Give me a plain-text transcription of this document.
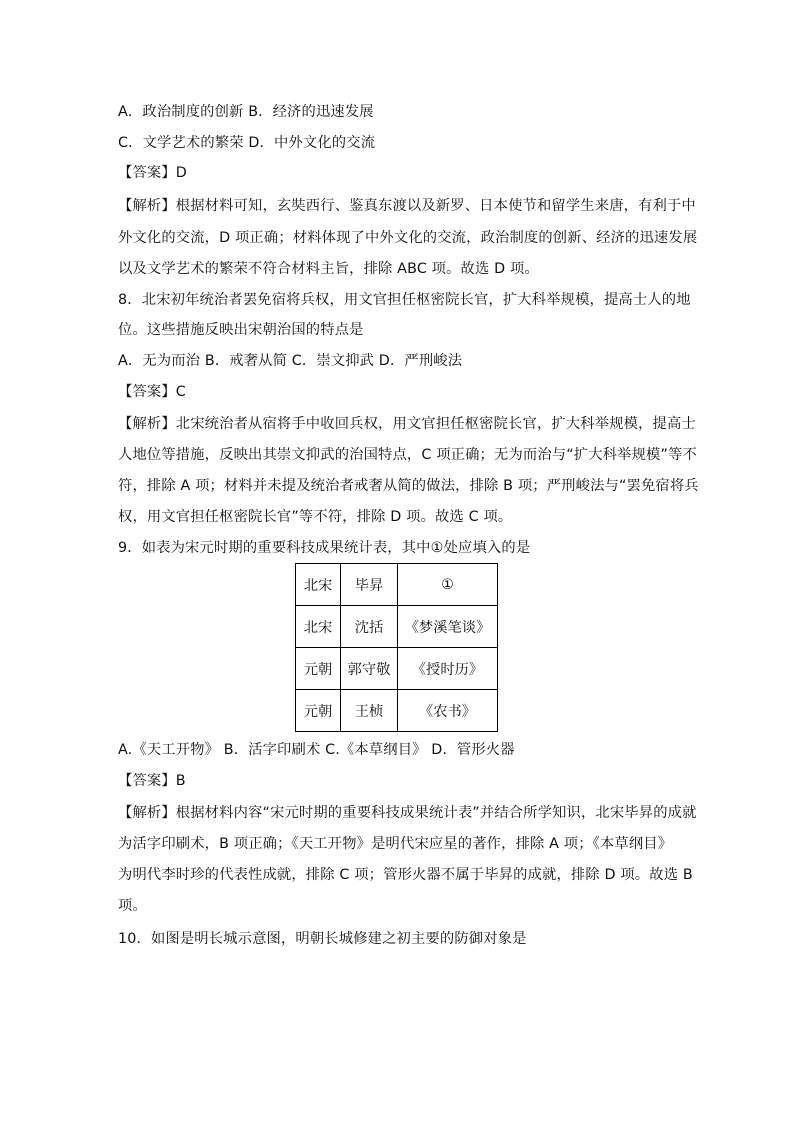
A．政治制度的创新 B．经济的迅速发展
C．文学艺术的繁荣 D．中外文化的交流
【答案】D
【解析】根据材料可知，玄奘西行、鉴真东渡以及新罗、日本使节和留学生来唐，有利于中
外文化的交流，D 项正确；材料体现了中外文化的交流，政治制度的创新、经济的迅速发展
以及文学艺术的繁荣不符合材料主旨，排除 ABC 项。故选 D 项。
8．北宋初年统治者罢免宿将兵权，用文官担任枢密院长官，扩大科举规模，提高士人的地
位。这些措施反映出宋朝治国的特点是
A．无为而治 B．戒奢从简 C．崇文抑武 D．严刑峻法
【答案】C
【解析】北宋统治者从宿将手中收回兵权，用文官担任枢密院长官，扩大科举规模，提高士
人地位等措施，反映出其崇文抑武的治国特点，C 项正确；无为而治与“扩大科举规模”等不
符，排除 A 项；材料并未提及统治者戒奢从简的做法，排除 B 项；严刑峻法与“罢免宿将兵
权，用文官担任枢密院长官”等不符，排除 D 项。故选 C 项。
9．如表为宋元时期的重要科技成果统计表，其中①处应填入的是
北宋	毕昇	①
北宋	沈括	《梦溪笔谈》
元朝	郭守敬	《授时历》
元朝	王桢	《农书》
A.《天工开物》 B．活字印刷术 C.《本草纲目》 D．管形火器
【答案】B
【解析】根据材料内容“宋元时期的重要科技成果统计表”并结合所学知识，北宋毕昇的成就
为活字印刷术，B 项正确；《天工开物》是明代宋应星的著作，排除 A 项；《本草纲目》
为明代李时珍的代表性成就，排除 C 项；管形火器不属于毕昇的成就，排除 D 项。故选 B
项。
10．如图是明长城示意图，明朝长城修建之初主要的防御对象是
